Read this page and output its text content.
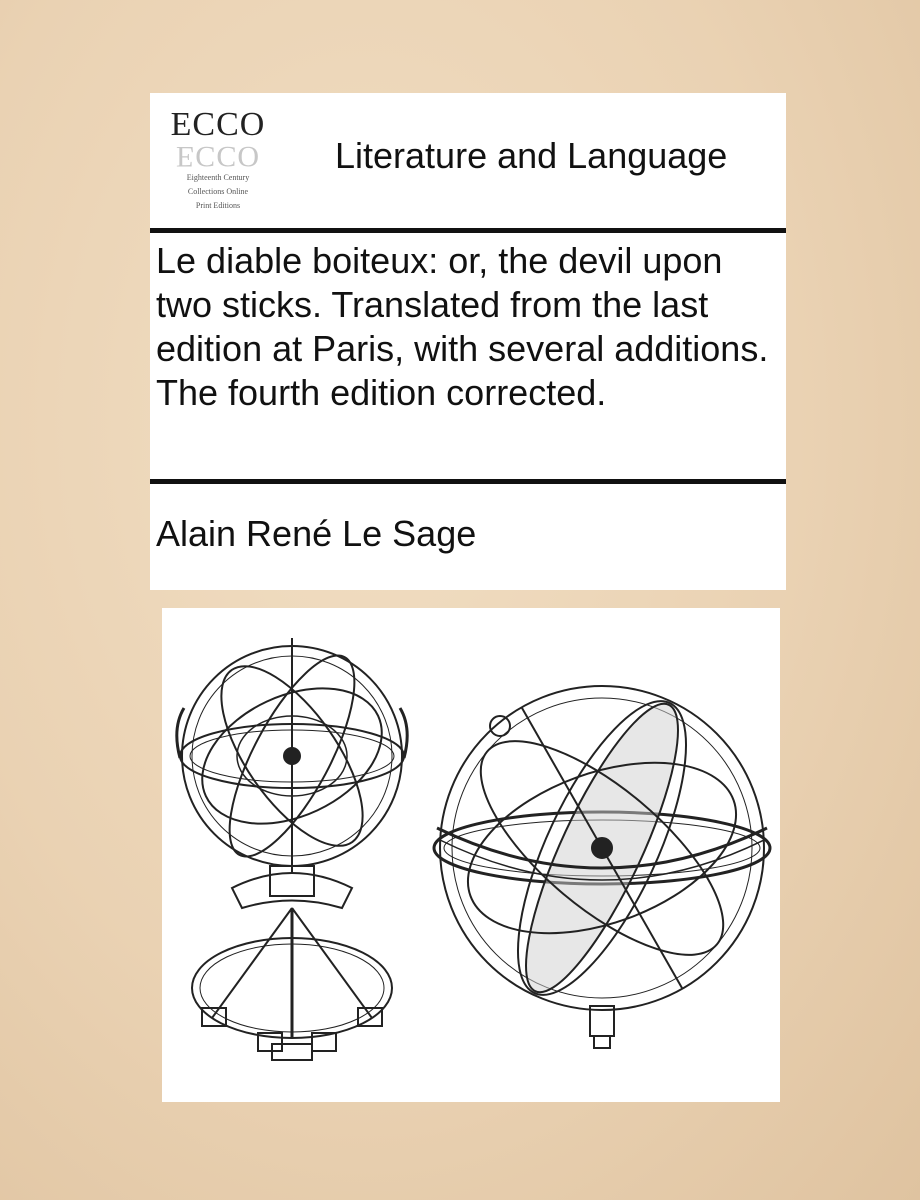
ECCO
ECCO
Eighteenth Century
Collections Online
Print Editions
Literature and Language
Le diable boiteux: or, the devil upon two sticks. Translated from the last edition at Paris, with several additions. The fourth edition corrected.
Alain René Le Sage
